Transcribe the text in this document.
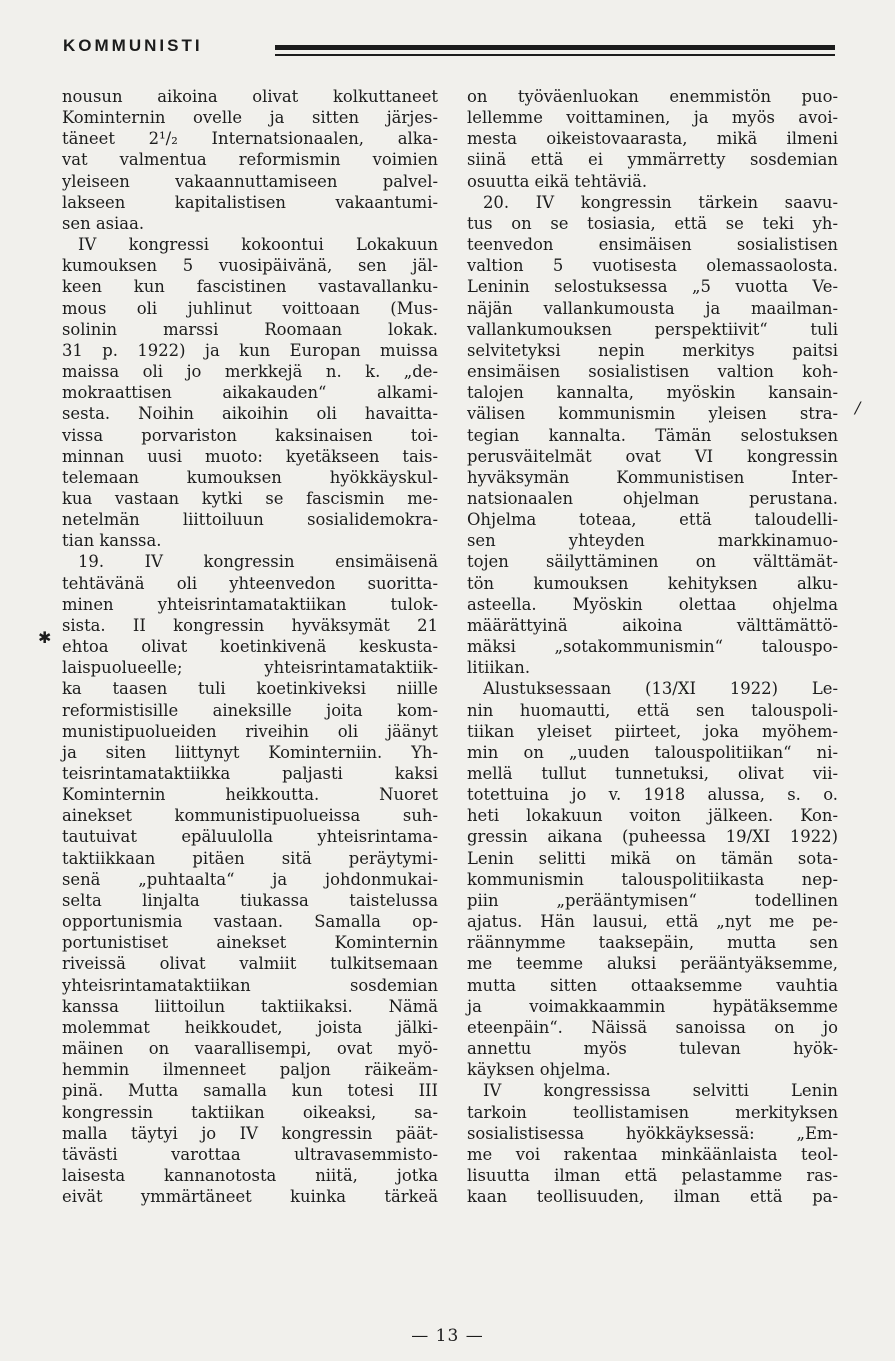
KOMMUNISTI
nousun aikoina olivat kolkuttaneet
Kominternin ovelle ja sitten järjes-
täneet 2¹/₂ Internatsionaalen, alka-
vat valmentua reformismin voimien
yleiseen vakaannuttamiseen palvel-
lakseen kapitalistisen vakaantumi-
sen asiaa.
IV kongressi kokoontui Lokakuun
kumouksen 5 vuosipäivänä, sen jäl-
keen kun fascistinen vastavallanku-
mous oli juhlinut voittoaan (Mus-
solinin marssi Roomaan lokak.
31 p. 1922) ja kun Europan muissa
maissa oli jo merkkejä n. k. „de-
mokraattisen aikakauden“ alkami-
sesta. Noihin aikoihin oli havaitta-
vissa porvariston kaksinaisen toi-
minnan uusi muoto: kyetäkseen tais-
telemaan kumouksen hyökkäyskul-
kua vastaan kytki se fascismin me-
netelmän liittoiluun sosialidemokra-
tian kanssa.
19. IV kongressin ensimäisenä
tehtävänä oli yhteenvedon suoritta-
minen yhteisrintamataktiikan tulok-
sista. II kongressin hyväksymät 21
ehtoa olivat koetinkivenä keskusta-
laispuolueelle; yhteisrintamataktiik-
ka taasen tuli koetinkiveksi niille
reformistisille aineksille joita kom-
munistipuolueiden riveihin oli jäänyt
ja siten liittynyt Kominterniin. Yh-
teisrintamataktiikka paljasti kaksi
Kominternin heikkoutta. Nuoret
ainekset kommunistipuolueissa suh-
tautuivat epäluulolla yhteisrintama-
taktiikkaan pitäen sitä peräytymi-
senä „puhtaalta“ ja johdonmukai-
selta linjalta tiukassa taistelussa
opportunismia vastaan. Samalla op-
portunistiset ainekset Kominternin
riveissä olivat valmiit tulkitsemaan
yhteisrintamataktiikan sosdemian
kanssa liittoilun taktiikaksi. Nämä
molemmat heikkoudet, joista jälki-
mäinen on vaarallisempi, ovat myö-
hemmin ilmenneet paljon räikeäm-
pinä. Mutta samalla kun totesi III
kongressin taktiikan oikeaksi, sa-
malla täytyi jo IV kongressin päät-
tävästi varottaa ultravasemmisto-
laisesta kannanotosta niitä, jotka
eivät ymmärtäneet kuinka tärkeä
on työväenluokan enemmistön puo-
lellemme voittaminen, ja myös avoi-
mesta oikeistovaarasta, mikä ilmeni
siinä että ei ymmärretty sosdemian
osuutta eikä tehtäviä.
20. IV kongressin tärkein saavu-
tus on se tosiasia, että se teki yh-
teenvedon ensimäisen sosialistisen
valtion 5 vuotisesta olemassaolosta.
Leninin selostuksessa „5 vuotta Ve-
näjän vallankumousta ja maailman-
vallankumouksen perspektiivit“ tuli
selvitetyksi nepin merkitys paitsi
ensimäisen sosialistisen valtion koh-
talojen kannalta, myöskin kansain-
välisen kommunismin yleisen stra-
tegian kannalta. Tämän selostuksen
perusväitelmät ovat VI kongressin
hyväksymän Kommunistisen Inter-
natsionaalen ohjelman perustana.
Ohjelma toteaa, että taloudelli-
sen yhteyden markkinamuo-
tojen säilyttäminen on välttämät-
tön kumouksen kehityksen alku-
asteella. Myöskin olettaa ohjelma
määrättyinä aikoina välttämättö-
mäksi „sotakommunismin“ talouspo-
litiikan.
Alustuksessaan (13/XI 1922) Le-
nin huomautti, että sen talouspoli-
tiikan yleiset piirteet, joka myöhem-
min on „uuden talouspolitiikan“ ni-
mellä tullut tunnetuksi, olivat vii-
totettuina jo v. 1918 alussa, s. o.
heti lokakuun voiton jälkeen. Kon-
gressin aikana (puheessa 19/XI 1922)
Lenin selitti mikä on tämän sota-
kommunismin talouspolitiikasta nep-
piin „perääntymisen“ todellinen
ajatus. Hän lausui, että „nyt me pe-
räännymme taaksepäin, mutta sen
me teemme aluksi perääntyäksemme,
mutta sitten ottaaksemme vauhtia
ja voimakkaammin hypätäksemme
eteenpäin“. Näissä sanoissa on jo
annettu myös tulevan hyök-
käyksen ohjelma.
IV kongressissa selvitti Lenin
tarkoin teollistamisen merkityksen
sosialistisessa hyökkäyksessä: „Em-
me voi rakentaa minkäänlaista teol-
lisuutta ilman että pelastamme ras-
kaan teollisuuden, ilman että pa-
✱
/
— 13 —
